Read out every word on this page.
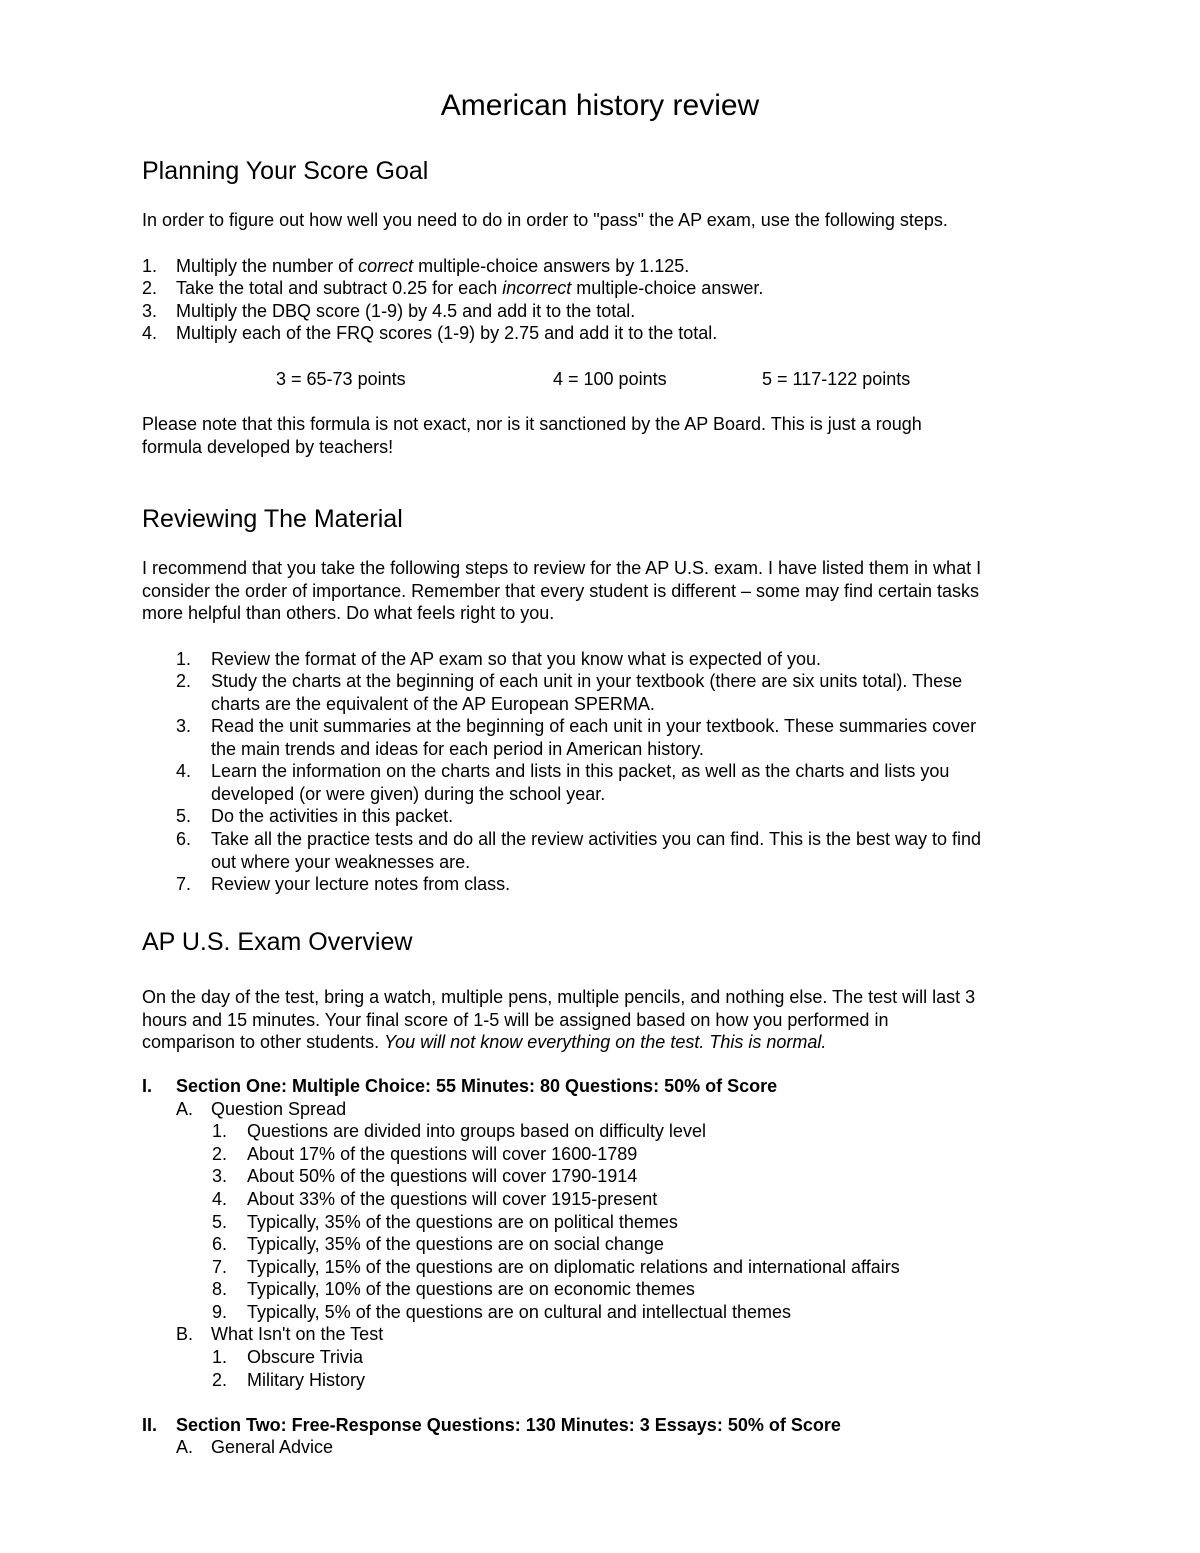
American history review
Planning Your Score Goal
In order to figure out how well you need to do in order to "pass" the AP exam, use the following steps.
1. Multiply the number of correct multiple-choice answers by 1.125.
2. Take the total and subtract 0.25 for each incorrect multiple-choice answer.
3. Multiply the DBQ score (1-9) by 4.5 and add it to the total.
4. Multiply each of the FRQ scores (1-9) by 2.75 and add it to the total.
3 = 65-73 points	4 = 100 points	5 = 117-122 points
Please note that this formula is not exact, nor is it sanctioned by the AP Board. This is just a rough
formula developed by teachers!
Reviewing The Material
I recommend that you take the following steps to review for the AP U.S. exam. I have listed them in what I
consider the order of importance. Remember that every student is different – some may find certain tasks
more helpful than others. Do what feels right to you.
1. Review the format of the AP exam so that you know what is expected of you.
2. Study the charts at the beginning of each unit in your textbook (there are six units total). These
charts are the equivalent of the AP European SPERMA.
3. Read the unit summaries at the beginning of each unit in your textbook. These summaries cover
the main trends and ideas for each period in American history.
4. Learn the information on the charts and lists in this packet, as well as the charts and lists you
developed (or were given) during the school year.
5. Do the activities in this packet.
6. Take all the practice tests and do all the review activities you can find. This is the best way to find
out where your weaknesses are.
7. Review your lecture notes from class.
AP U.S. Exam Overview
On the day of the test, bring a watch, multiple pens, multiple pencils, and nothing else. The test will last 3
hours and 15 minutes. Your final score of 1-5 will be assigned based on how you performed in
comparison to other students. You will not know everything on the test. This is normal.
I. Section One: Multiple Choice: 55 Minutes: 80 Questions: 50% of Score
A. Question Spread
1. Questions are divided into groups based on difficulty level
2. About 17% of the questions will cover 1600-1789
3. About 50% of the questions will cover 1790-1914
4. About 33% of the questions will cover 1915-present
5. Typically, 35% of the questions are on political themes
6. Typically, 35% of the questions are on social change
7. Typically, 15% of the questions are on diplomatic relations and international affairs
8. Typically, 10% of the questions are on economic themes
9. Typically, 5% of the questions are on cultural and intellectual themes
B. What Isn't on the Test
1. Obscure Trivia
2. Military History
II. Section Two: Free-Response Questions: 130 Minutes: 3 Essays: 50% of Score
A. General Advice
